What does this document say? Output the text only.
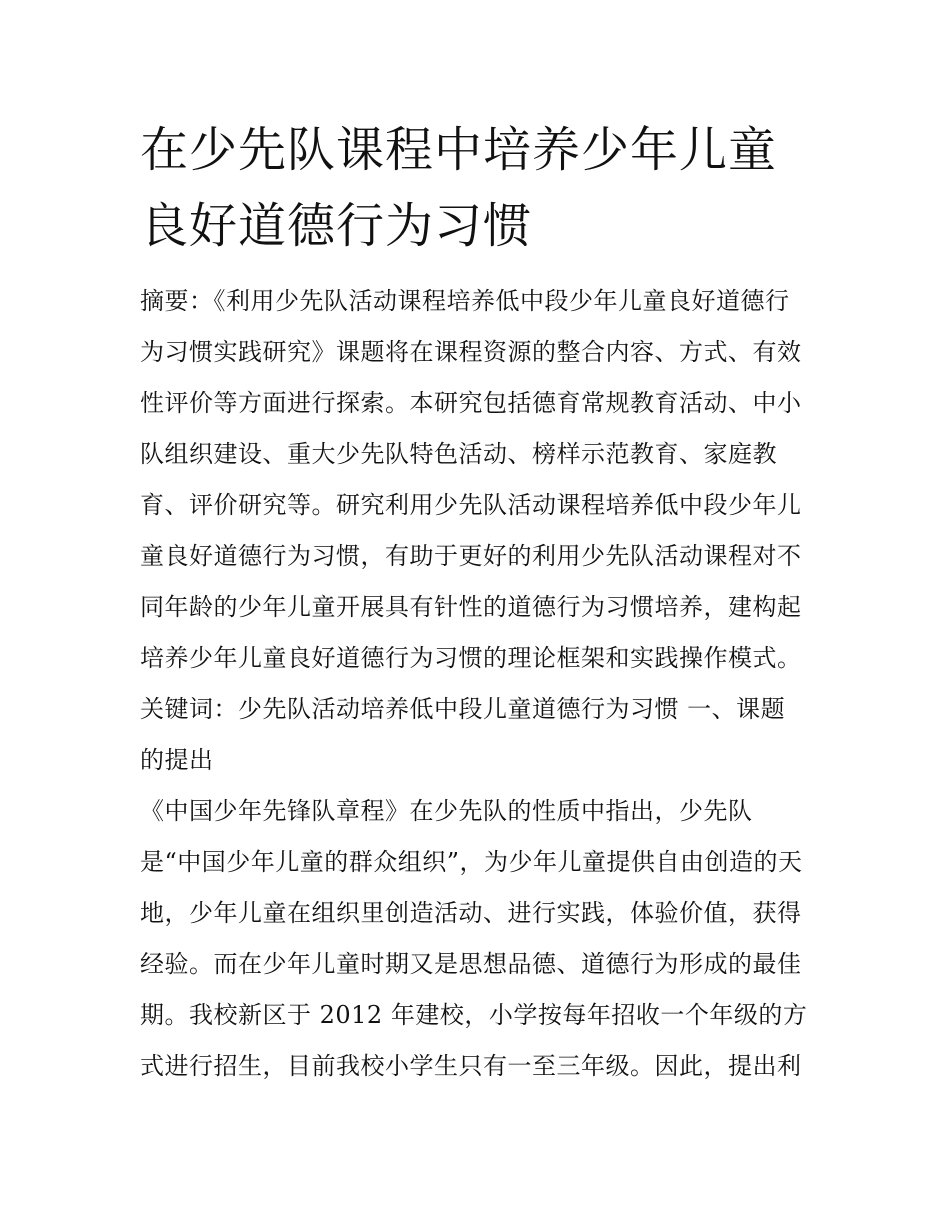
在少先队课程中培养少年儿童
良好道德行为习惯
摘要：《利用少先队活动课程培养低中段少年儿童良好道德行
为习惯实践研究》课题将在课程资源的整合内容、方式、有效
性评价等方面进行探索。本研究包括德育常规教育活动、中小
队组织建设、重大少先队特色活动、榜样示范教育、家庭教
育、评价研究等。研究利用少先队活动课程培养低中段少年儿
童良好道德行为习惯，有助于更好的利用少先队活动课程对不
同年龄的少年儿童开展具有针性的道德行为习惯培养，建构起
培养少年儿童良好道德行为习惯的理论框架和实践操作模式。
关键词：少先队活动培养低中段儿童道德行为习惯 一、课题
的提出
《中国少年先锋队章程》在少先队的性质中指出，少先队
是“中国少年儿童的群众组织”，为少年儿童提供自由创造的天
地，少年儿童在组织里创造活动、进行实践，体验价值，获得
经验。而在少年儿童时期又是思想品德、道德行为形成的最佳
期。我校新区于 2012 年建校，小学按每年招收一个年级的方
式进行招生，目前我校小学生只有一至三年级。因此，提出利
